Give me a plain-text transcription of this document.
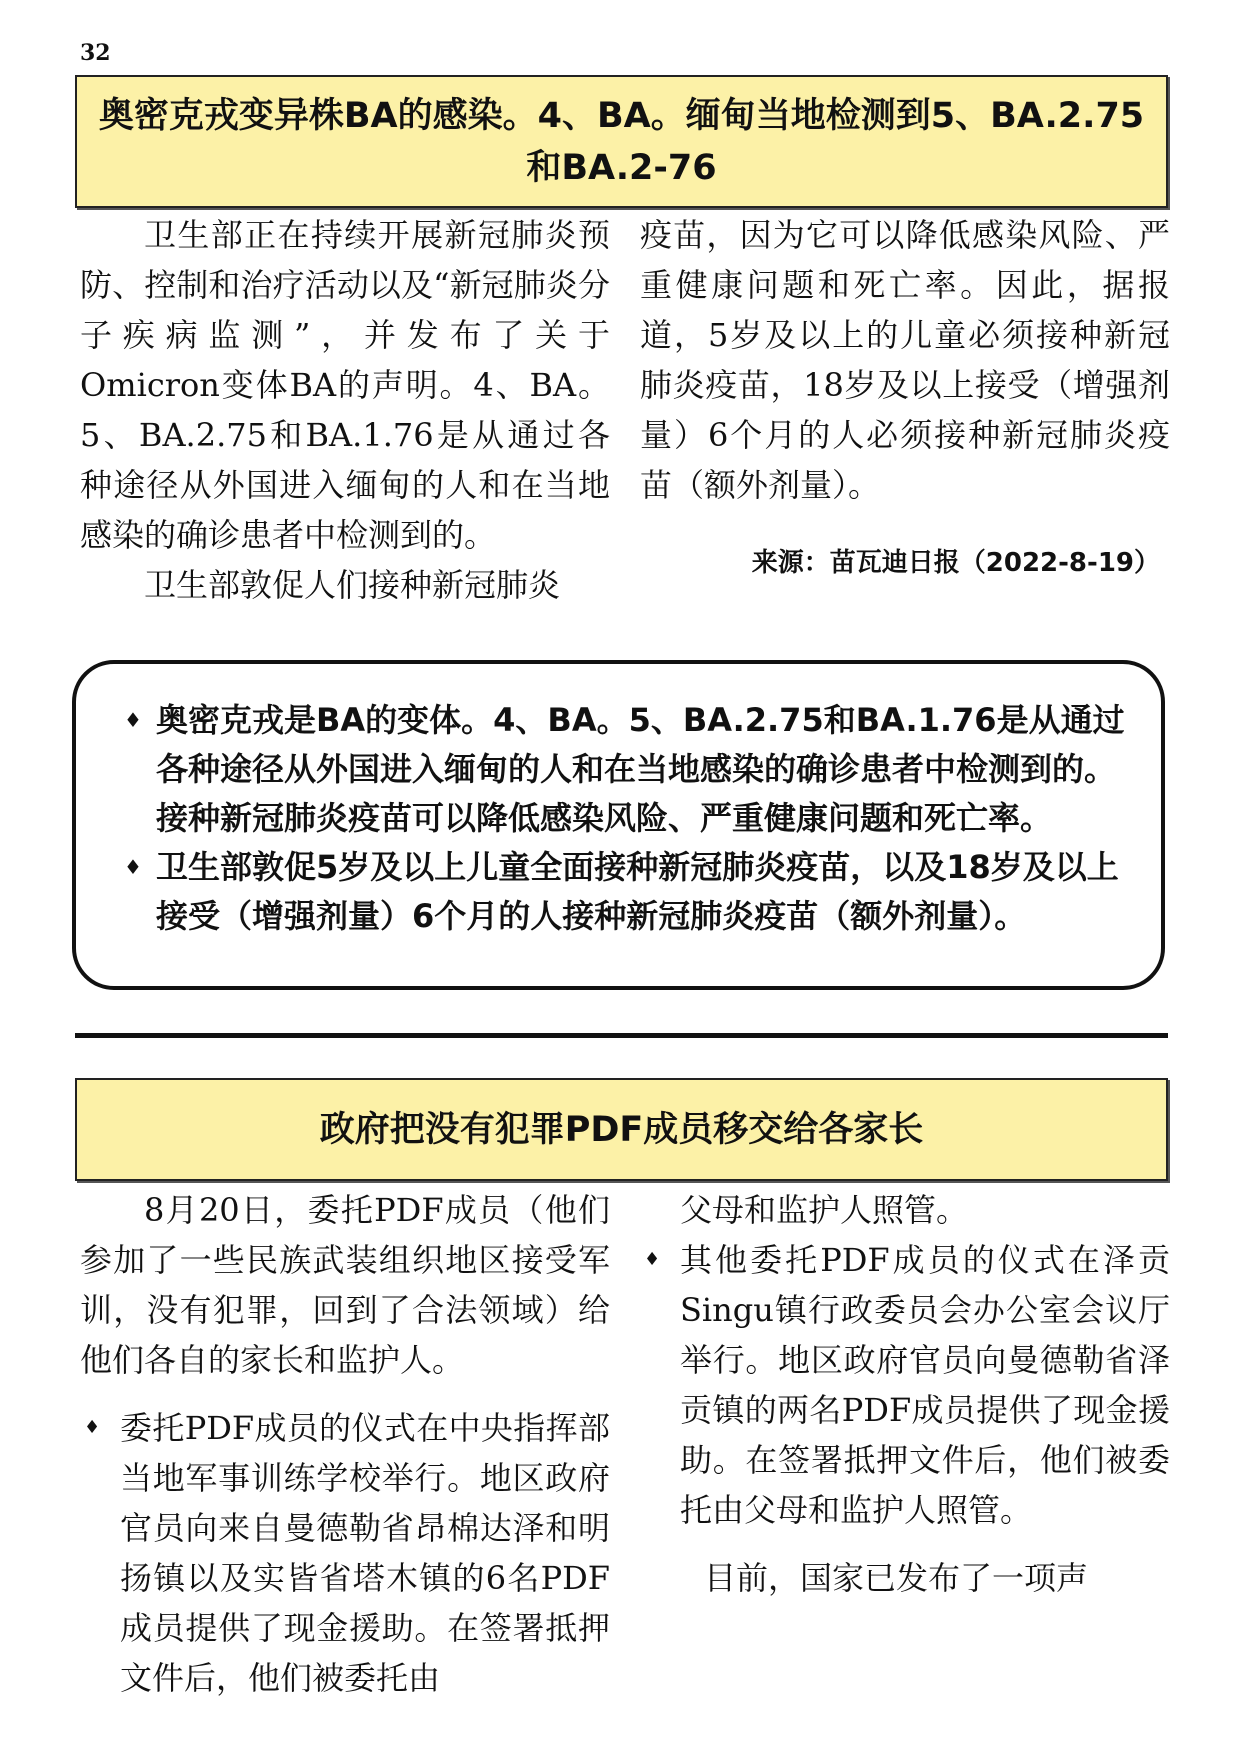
32
奥密克戎变异株BA的感染。4、BA。缅甸当地检测到5、BA.2.75和BA.2-76

卫生部正在持续开展新冠肺炎预防、控制和治疗活动以及“新冠肺炎分子疾病监测”，并发布了关于Omicron变体BA的声明。4、BA。5、BA.2.75和BA.1.76是从通过各种途径从外国进入缅甸的人和在当地感染的确诊患者中检测到的。

卫生部敦促人们接种新冠肺炎

疫苗，因为它可以降低感染风险、严重健康问题和死亡率。因此，据报道，5岁及以上的儿童必须接种新冠肺炎疫苗，18岁及以上接受（增强剂量）6个月的人必须接种新冠肺炎疫苗（额外剂量）。

来源：苗瓦迪日报（2022-8-19）
♦ 奥密克戎是BA的变体。4、BA。5、BA.2.75和BA.1.76是从通过各种途径从外国进入缅甸的人和在当地感染的确诊患者中检测到的。接种新冠肺炎疫苗可以降低感染风险、严重健康问题和死亡率。
♦ 卫生部敦促5岁及以上儿童全面接种新冠肺炎疫苗，以及18岁及以上接受（增强剂量）6个月的人接种新冠肺炎疫苗（额外剂量）。
政府把没有犯罪PDF成员移交给各家长

8月20日，委托PDF成员（他们参加了一些民族武装组织地区接受军训，没有犯罪，回到了合法领域）给他们各自的家长和监护人。

♦ 委托PDF成员的仪式在中央指挥部当地军事训练学校举行。地区政府官员向来自曼德勒省昂棉达泽和明扬镇以及实皆省塔木镇的6名PDF成员提供了现金援助。在签署抵押文件后，他们被委托由

父母和监护人照管。

♦ 其他委托PDF成员的仪式在泽贡Singu镇行政委员会办公室会议厅举行。地区政府官员向曼德勒省泽贡镇的两名PDF成员提供了现金援助。在签署抵押文件后，他们被委托由父母和监护人照管。

目前，国家已发布了一项声
